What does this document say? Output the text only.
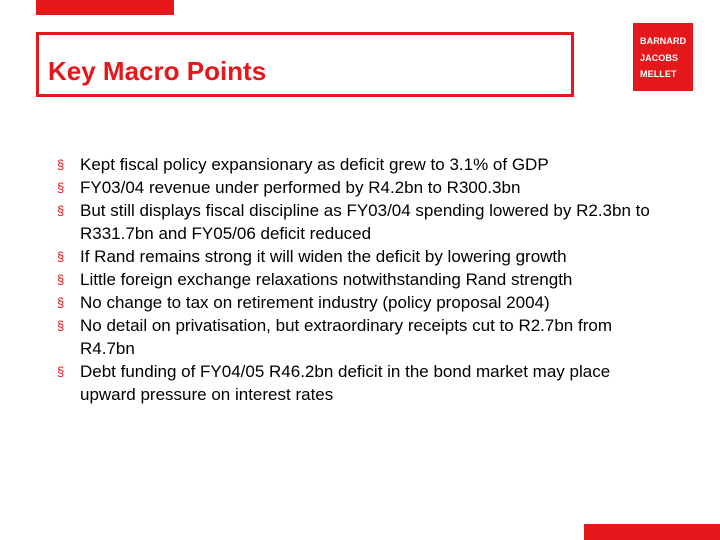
Key Macro Points
BARNARD
JACOBS
MELLET
§ Kept fiscal policy expansionary as deficit grew to 3.1% of GDP
§ FY03/04 revenue under performed by R4.2bn to R300.3bn
§ But still displays fiscal discipline as FY03/04 spending lowered by R2.3bn to R331.7bn and FY05/06 deficit reduced
§ If Rand remains strong it will widen the deficit by lowering growth
§ Little foreign exchange relaxations notwithstanding Rand strength
§ No change to tax on retirement industry (policy proposal 2004)
§ No detail on privatisation, but extraordinary receipts cut to R2.7bn from R4.7bn
§ Debt funding of FY04/05 R46.2bn deficit in the bond market may place upward pressure on interest rates
